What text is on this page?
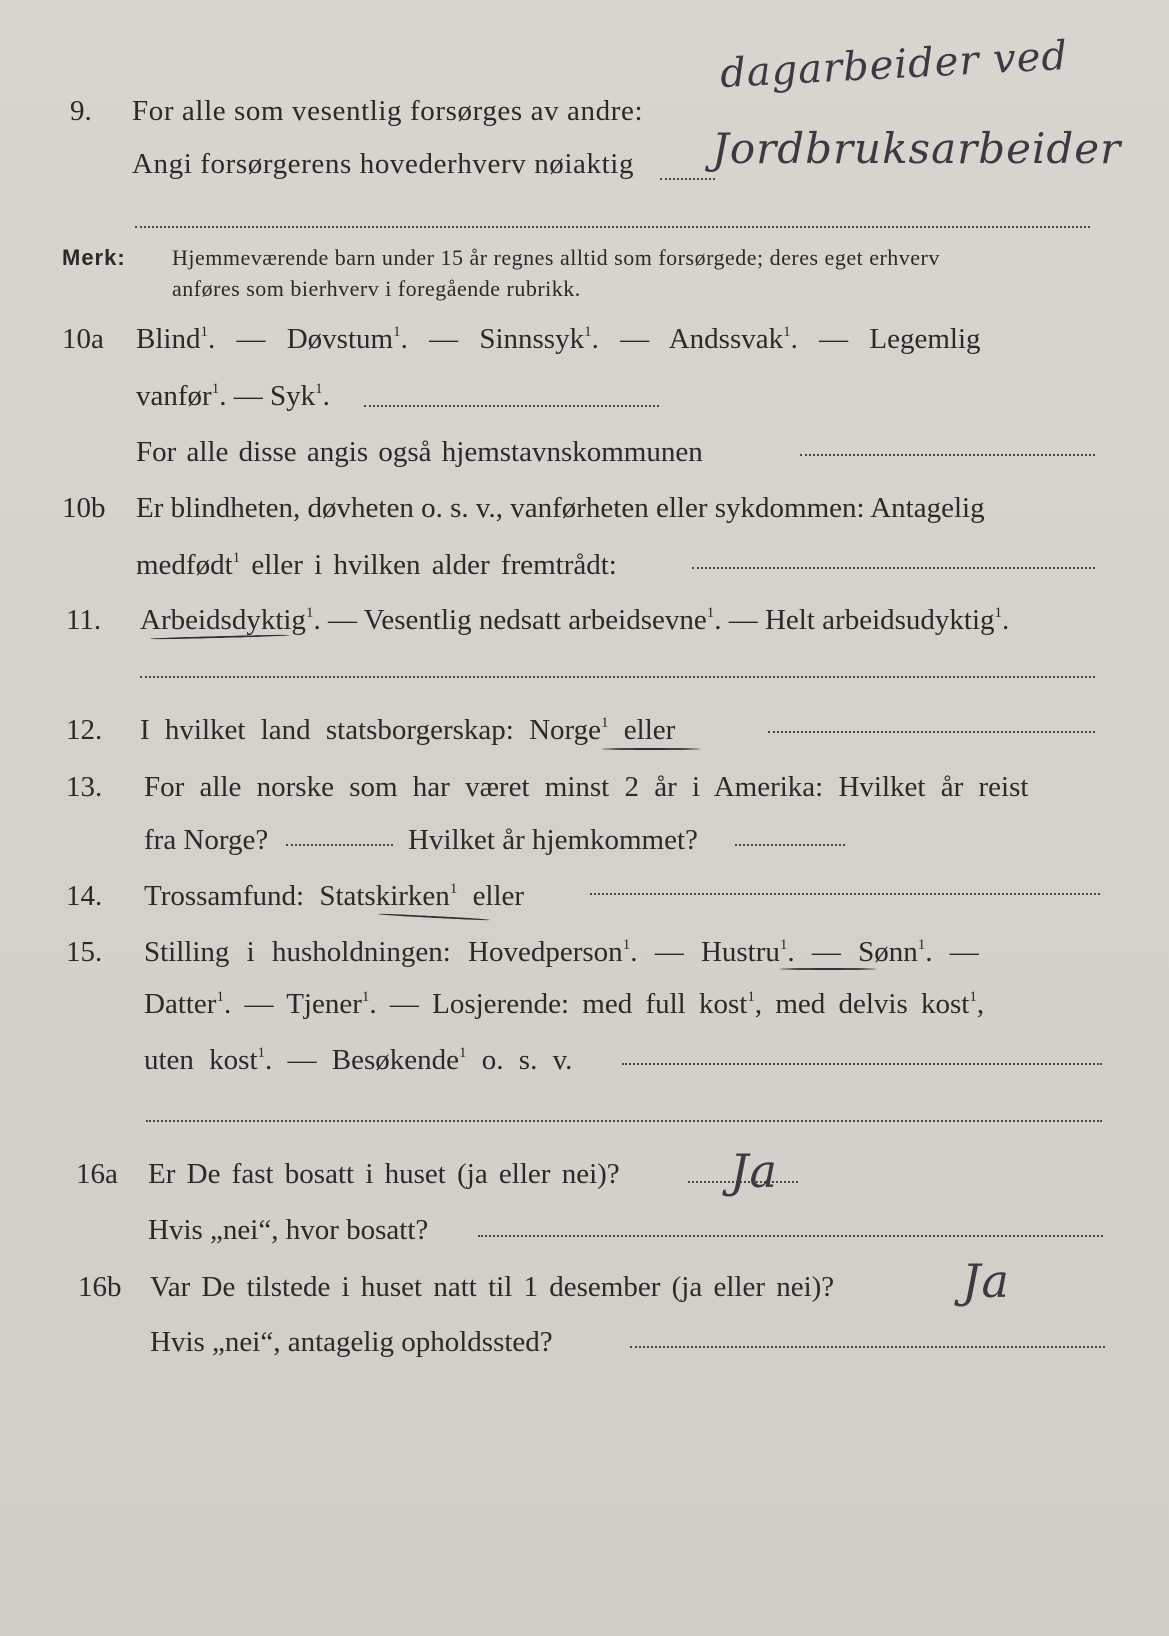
9. For alle som vesentlig forsørges av andre:
Angi forsørgerens hovederhverv nøiaktig
dagarbeider ved
Jordbruksarbeider
Merk: Hjemmeværende barn under 15 år regnes alltid som forsørgede; deres eget erhverv
anføres som bierhverv i foregående rubrikk.
10a Blind$^1$. — Døvstum$^1$. — Sinnssyk$^1$. — Andssvak$^1$. — Legemlig
vanfør$^1$. — Syk$^1$.
For alle disse angis også hjemstavnskommunen
10b Er blindheten, døvheten o. s. v., vanførheten eller sykdommen: Antagelig
medfødt$^1$ eller i hvilken alder fremtrådt:
11. Arbeidsdyktig$^1$. — Vesentlig nedsatt arbeidsevne$^1$. — Helt arbeidsudyktig$^1$.
12. I hvilket land statsborgerskap: Norge$^1$ eller
13. For alle norske som har været minst 2 år i Amerika: Hvilket år reist
fra Norge?	Hvilket år hjemkommet?
14. Trossamfund: Statskirken$^1$ eller
15. Stilling i husholdningen: Hovedperson$^1$. — Hustru$^1$. — Sønn$^1$. —
Datter$^1$. — Tjener$^1$. — Losjerende: med full kost$^1$, med delvis kost$^1$,
uten kost$^1$. — Besøkende$^1$ o. s. v.
16a Er De fast bosatt i huset (ja eller nei)? Ja
Hvis „nei“, hvor bosatt?
16b Var De tilstede i huset natt til 1 desember (ja eller nei)?	Ja
Hvis „nei“, antagelig opholdssted?
